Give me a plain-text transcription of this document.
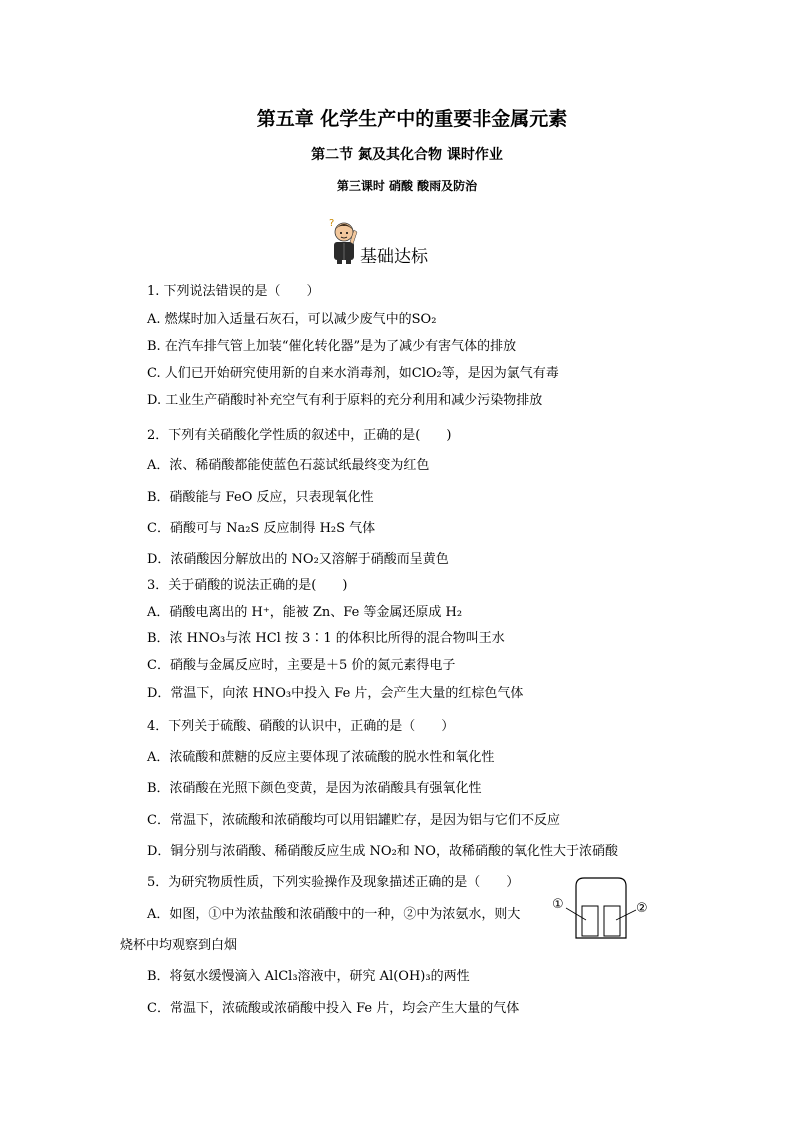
第五章 化学生产中的重要非金属元素
第二节 氮及其化合物 课时作业
第三课时 硝酸 酸雨及防治
?
基础达标
1. 下列说法错误的是（　　）
A. 燃煤时加入适量石灰石，可以减少废气中的SO₂
B. 在汽车排气管上加装“催化转化器”是为了减少有害气体的排放
C. 人们已开始研究使用新的自来水消毒剂，如ClO₂等，是因为氯气有毒
D. 工业生产硝酸时补充空气有利于原料的充分利用和减少污染物排放
2．下列有关硝酸化学性质的叙述中，正确的是(　　)
A．浓、稀硝酸都能使蓝色石蕊试纸最终变为红色
B．硝酸能与 FeO 反应，只表现氧化性
C．硝酸可与 Na₂S 反应制得 H₂S 气体
D．浓硝酸因分解放出的 NO₂又溶解于硝酸而呈黄色
3．关于硝酸的说法正确的是(　　)
A．硝酸电离出的 H⁺，能被 Zn、Fe 等金属还原成 H₂
B．浓 HNO₃与浓 HCl 按 3∶1 的体积比所得的混合物叫王水
C．硝酸与金属反应时，主要是＋5 价的氮元素得电子
D．常温下，向浓 HNO₃中投入 Fe 片，会产生大量的红棕色气体
4．下列关于硫酸、硝酸的认识中，正确的是（　　）
A．浓硫酸和蔗糖的反应主要体现了浓硫酸的脱水性和氧化性
B．浓硝酸在光照下颜色变黄，是因为浓硝酸具有强氧化性
C．常温下，浓硫酸和浓硝酸均可以用铝罐贮存，是因为铝与它们不反应
D．铜分别与浓硝酸、稀硝酸反应生成 NO₂和 NO，故稀硝酸的氧化性大于浓硝酸
5．为研究物质性质，下列实验操作及现象描述正确的是（　　）
A．如图，①中为浓盐酸和浓硝酸中的一种，②中为浓氨水，则大
烧杯中均观察到白烟
B．将氨水缓慢滴入 AlCl₃溶液中，研究 Al(OH)₃的两性
C．常温下，浓硫酸或浓硝酸中投入 Fe 片，均会产生大量的气体
①	②
